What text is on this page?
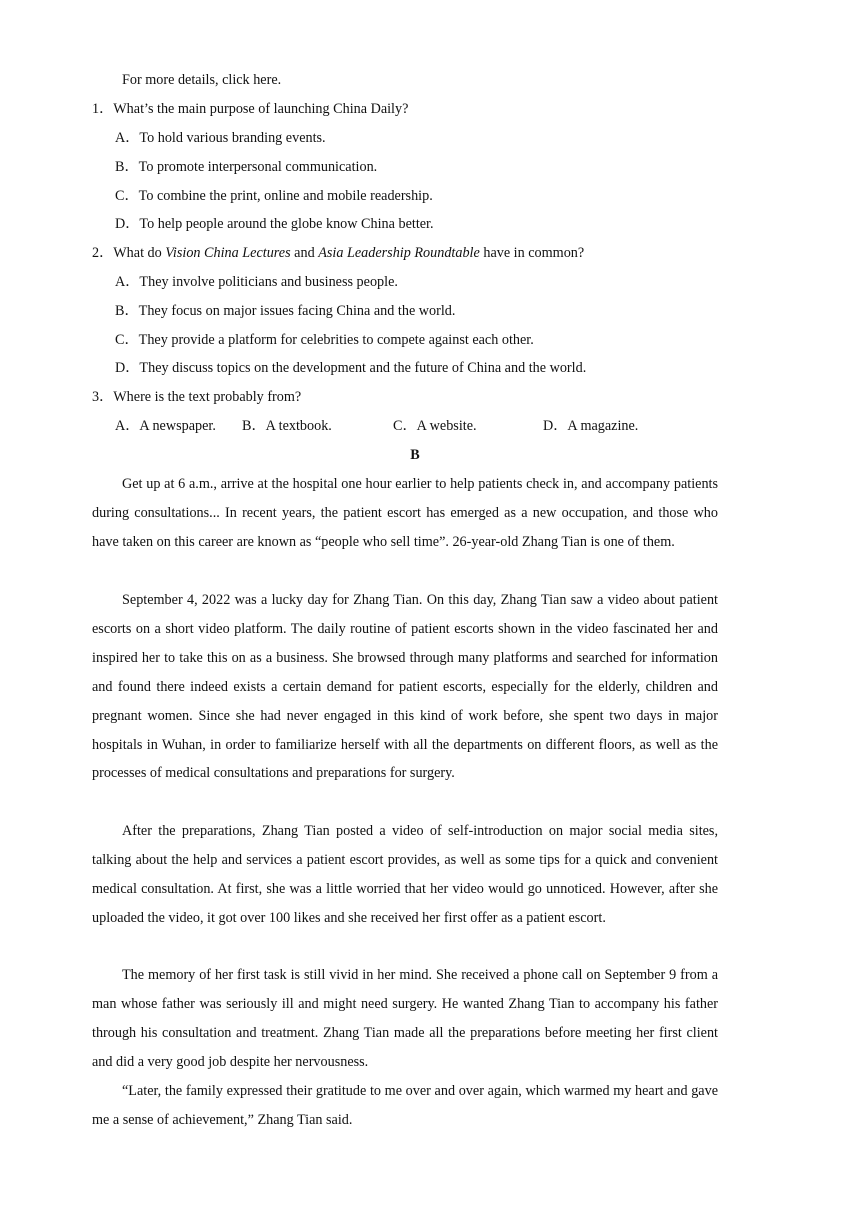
For more details, click here.
1．What’s the main purpose of launching China Daily?
A．To hold various branding events.
B．To promote interpersonal communication.
C．To combine the print, online and mobile readership.
D．To help people around the globe know China better.
2．What do Vision China Lectures and Asia Leadership Roundtable have in common?
A．They involve politicians and business people.
B．They focus on major issues facing China and the world.
C．They provide a platform for celebrities to compete against each other.
D．They discuss topics on the development and the future of China and the world.
3．Where is the text probably from?
A．A newspaper. B．A textbook.	C．A website.	D．A magazine.
B
Get up at 6 a.m., arrive at the hospital one hour earlier to help patients check in, and accompany patients during consultations... In recent years, the patient escort has emerged as a new occupation, and those who have taken on this career are known as “people who sell time”. 26-year-old Zhang Tian is one of them.
September 4, 2022 was a lucky day for Zhang Tian. On this day, Zhang Tian saw a video about patient escorts on a short video platform. The daily routine of patient escorts shown in the video fascinated her and inspired her to take this on as a business. She browsed through many platforms and searched for information and found there indeed exists a certain demand for patient escorts, especially for the elderly, children and pregnant women. Since she had never engaged in this kind of work before, she spent two days in major hospitals in Wuhan, in order to familiarize herself with all the departments on different floors, as well as the processes of medical consultations and preparations for surgery.
After the preparations, Zhang Tian posted a video of self-introduction on major social media sites, talking about the help and services a patient escort provides, as well as some tips for a quick and convenient medical consultation. At first, she was a little worried that her video would go unnoticed. However, after she uploaded the video, it got over 100 likes and she received her first offer as a patient escort.
The memory of her first task is still vivid in her mind. She received a phone call on September 9 from a man whose father was seriously ill and might need surgery. He wanted Zhang Tian to accompany his father through his consultation and treatment. Zhang Tian made all the preparations before meeting her first client and did a very good job despite her nervousness.
“Later, the family expressed their gratitude to me over and over again, which warmed my heart and gave me a sense of achievement,” Zhang Tian said.
